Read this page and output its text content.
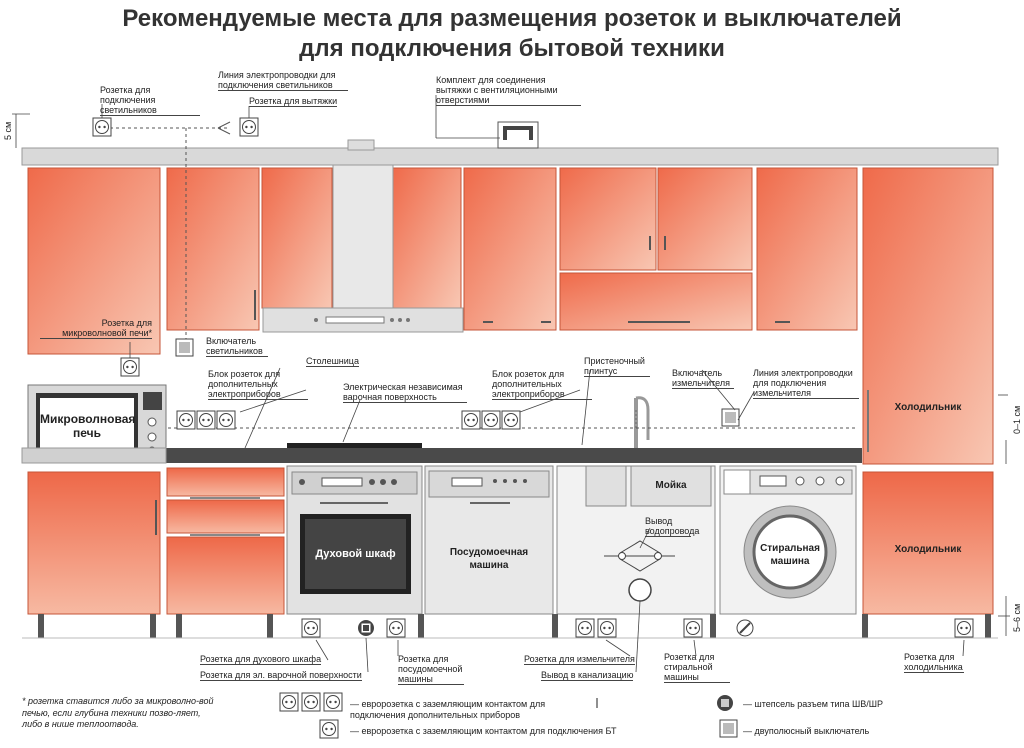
Рекомендуемые места для размещения розеток и выключателей
для подключения бытовой техники
Розетка для подключения светильников
Линия электропроводки для подключения светильников
Розетка для вытяжки
Комплект для соединения вытяжки с вентиляционными отверстиями
Розетка для микроволновой печи*
Включатель светильников
Столешница
Блок розеток для дополнительных электроприборов
Электрическая независимая варочная поверхность
Блок розеток для дополнительных электроприборов
Пристеночный плинтус	Включатель измельчителя
Линия электропроводки для подключения измельчителя
Розетка для духового шкафа
Розетка для эл. варочной поверхности
Розетка для посудомоечной машины
Розетка для измельчителя
Вывод в канализацию
Вывод водопровода
Розетка для стиральной машины
Розетка для холодильника
Микроволновая печь
Духовой шкаф	Посудомоечная машина
Мойка
Стиральная машина
Холодильник
Холодильник
5 см
0–1 см
5–6 см
* розетка ставится либо за микроволно-вой печью, если глубина техники позво-ляет, либо в нише теплоотвода.
— евророзетка с заземляющим контактом для подключения дополнительных приборов
— евророзетка с заземляющим контактом для подключения БТ
— штепсель разъем типа ШВ/ШР
— двуполюсный выключатель
